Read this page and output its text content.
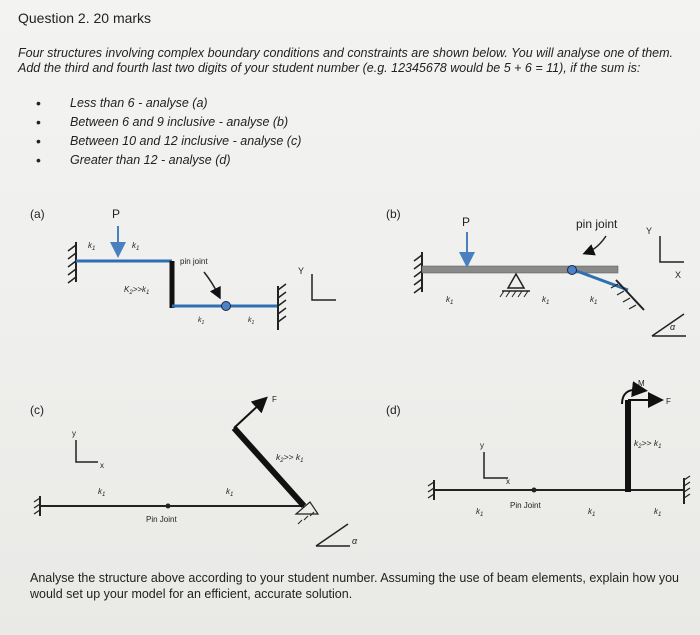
Question 2. 20 marks
Four structures involving complex boundary conditions and constraints are shown below. You will analyse one of them. Add the third and fourth last two digits of your student number (e.g. 12345678 would be 5 + 6 = 11), if the sum is:
• Less than 6 - analyse (a)
• Between 6 and 9 inclusive - analyse (b)
• Between 10 and 12 inclusive - analyse (c)
• Greater than 12 - analyse (d)
(a)	P
$k_1$	$k_1$
$K_2>>k_1$
pin joint
$k_1$	$k_1$
Y
(b)
P	pin joint
$k_1$	$k_1$	$k_1$
Y
X
α
(c)
y
x
F
$k_2>> k_1$
$k_1$	$k_1$
Pin Joint
α
(d)
y
x
F
M
$k_2>> k_1$
$k_1$
Pin Joint
$k_1$	$k_1$
Analyse the structure above according to your student number. Assuming the use of beam elements, explain how you would set up your model for an efficient, accurate solution.
